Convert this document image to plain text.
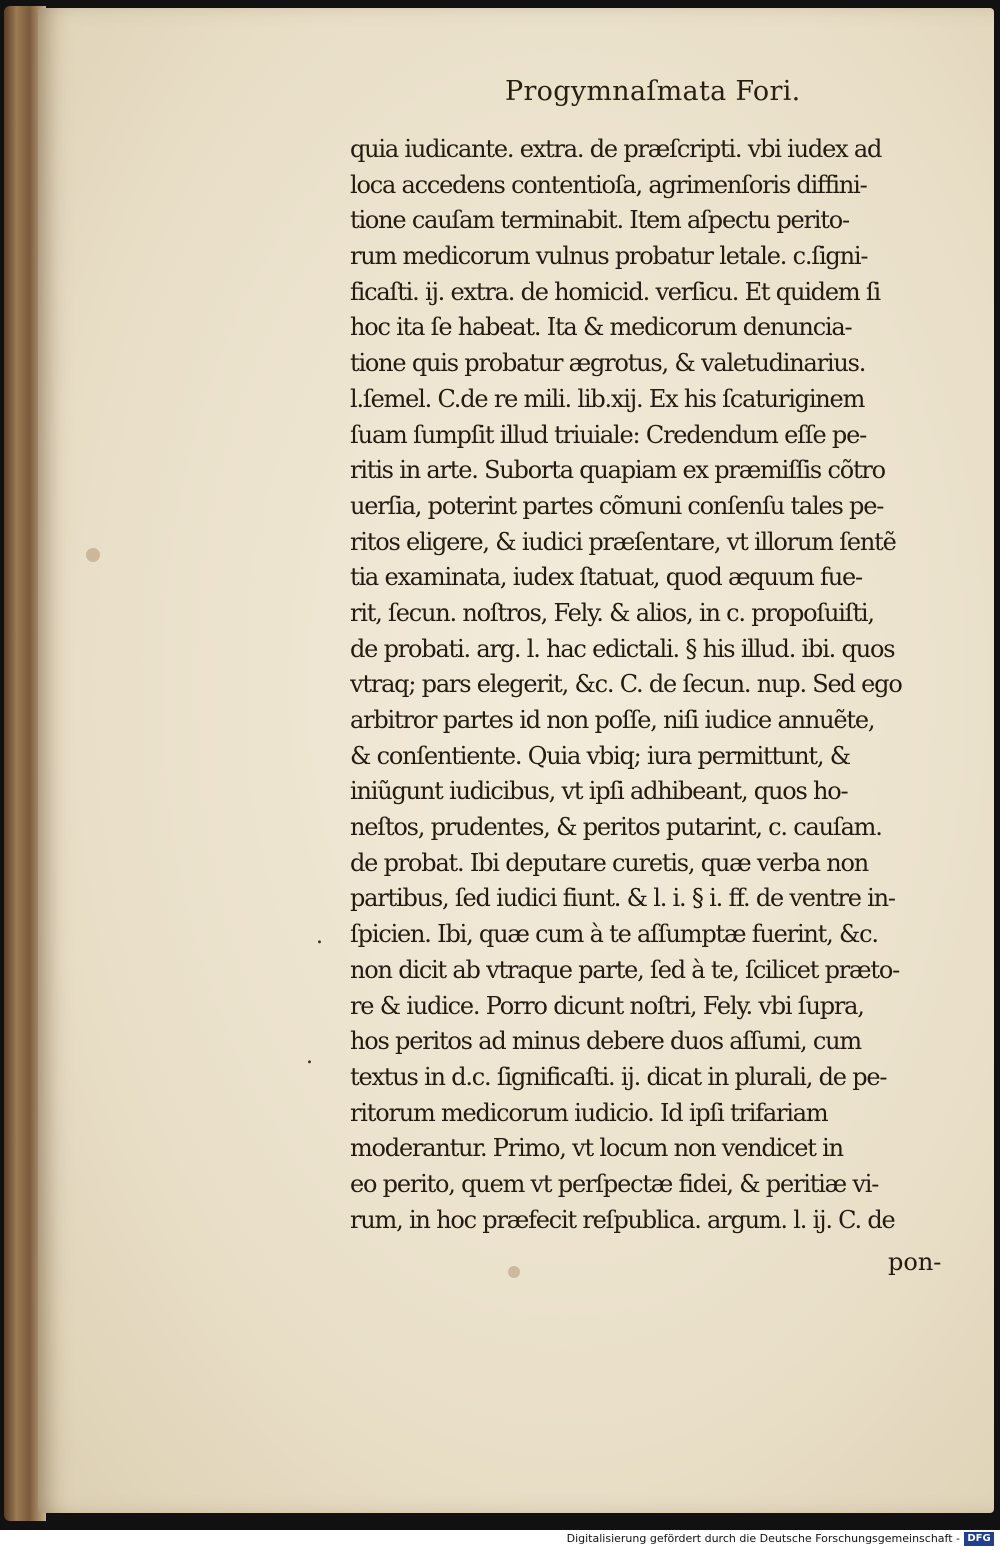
Progymnaſmata Fori.
quia iudicante. extra. de præſcripti. vbi iudex ad
loca accedens contentioſa, agrimenſoris diffini-
tione cauſam terminabit. Item aſpectu perito-
rum medicorum vulnus probatur letale. c.ſigni-
ficaſti. ij. extra. de homicid. verſicu. Et quidem ſi
hoc ita ſe habeat. Ita & medicorum denuncia-
tione quis probatur ægrotus, & valetudinarius.
l.ſemel. C.de re mili. lib.xij. Ex his ſcaturiginem
ſuam ſumpſit illud triuiale: Credendum eſſe pe-
ritis in arte. Suborta quapiam ex præmiſſis cõtro
uerſia, poterint partes cõmuni conſenſu tales pe-
ritos eligere, & iudici præſentare, vt illorum ſentẽ
tia examinata, iudex ſtatuat, quod æquum fue-
rit, ſecun. noſtros, Fely. & alios, in c. propoſuiſti,
de probati. arg. l. hac edictali. § his illud. ibi. quos
vtraq; pars elegerit, &c. C. de ſecun. nup. Sed ego
arbitror partes id non poſſe, niſi iudice annuẽte,
& conſentiente. Quia vbiq; iura permittunt, &
iniũgunt iudicibus, vt ipſi adhibeant, quos ho-
neſtos, prudentes, & peritos putarint, c. cauſam.
de probat. Ibi deputare curetis, quæ verba non
partibus, ſed iudici fiunt. & l. i. § i. ff. de ventre in-
ſpicien. Ibi, quæ cum à te aſſumptæ fuerint, &c.
non dicit ab vtraque parte, ſed à te, ſcilicet præto-
re & iudice. Porro dicunt noſtri, Fely. vbi ſupra,
hos peritos ad minus debere duos aſſumi, cum
textus in d.c. ſignificaſti. ij. dicat in plurali, de pe-
ritorum medicorum iudicio. Id ipſi trifariam
moderantur. Primo, vt locum non vendicet in
eo perito, quem vt perſpectæ fidei, & peritiæ vi-
rum, in hoc præfecit reſpublica. argum. l. ij. C. de
.
.
pon-
Digitalisierung gefördert durch die Deutsche Forschungsgemeinschaft - DFG
